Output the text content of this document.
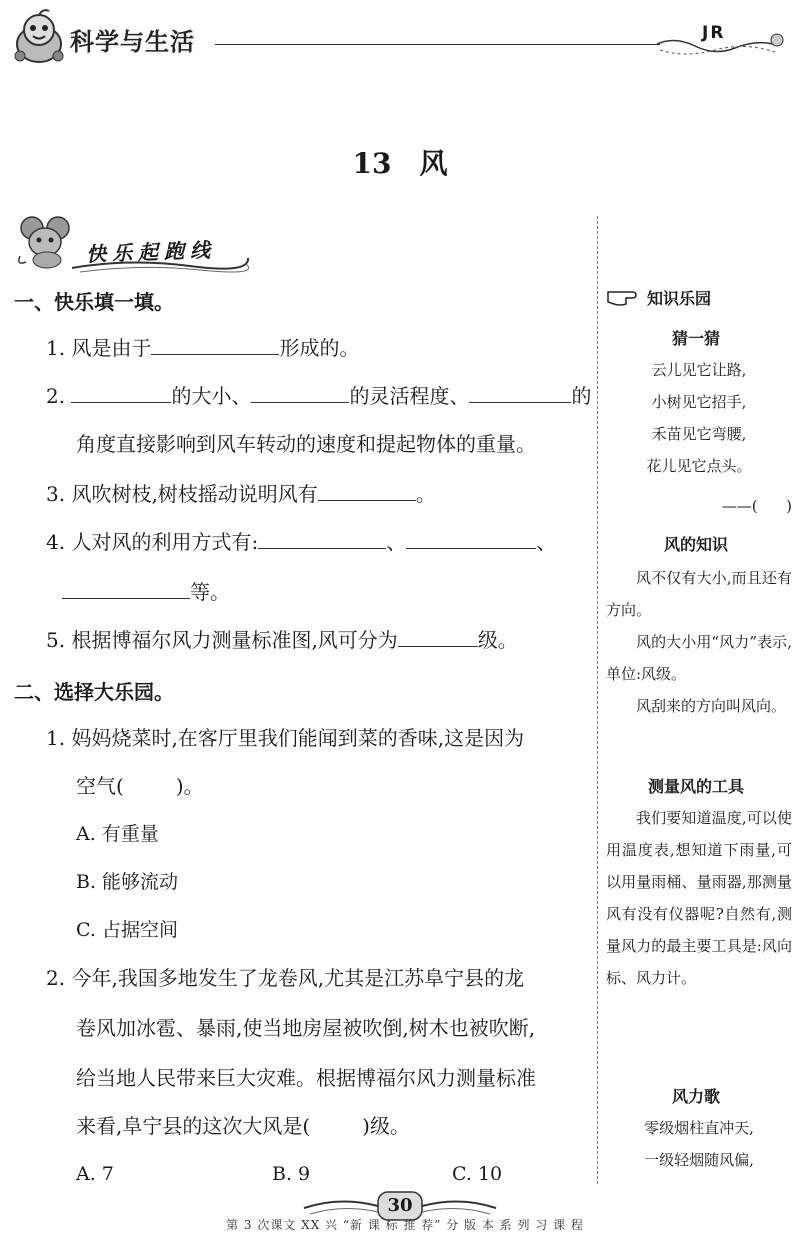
科学与生活	JR
13 风
快乐起跑线
一、快乐填一填。
1. 风是由于	形成的。
2.	的大小、	的灵活程度、	的
角度直接影响到风车转动的速度和提起物体的重量。
3. 风吹树枝,树枝摇动说明风有	。
4. 人对风的利用方式有:	、	、
等。
5. 根据博福尔风力测量标准图,风可分为	级。
二、选择大乐园。
1. 妈妈烧菜时,在客厅里我们能闻到菜的香味,这是因为
空气(	)。
A. 有重量
B. 能够流动
C. 占据空间
2. 今年,我国多地发生了龙卷风,尤其是江苏阜宁县的龙
卷风加冰雹、暴雨,使当地房屋被吹倒,树木也被吹断,
给当地人民带来巨大灾难。根据博福尔风力测量标准
来看,阜宁县的这次大风是(	)级。
A. 7	B. 9	C. 10
知识乐园
猜一猜
云儿见它让路,
小树见它招手,
禾苗见它弯腰,
花儿见它点头。
——(      )
风的知识

风不仅有大小,而且还有方向。

风的大小用“风力”表示,单位:风级。

风刮来的方向叫风向。

测量风的工具

我们要知道温度,可以使用温度表,想知道下雨量,可以用量雨桶、量雨器,那测量风有没有仪器呢?自然有,测量风力的最主要工具是:风向标、风力计。

风力歌
零级烟柱直冲天,
一级轻烟随风偏,
30
第 3 次课文 XX 兴 “新 课 标 推 荐” 分 版 本 系 列 习 课 程
